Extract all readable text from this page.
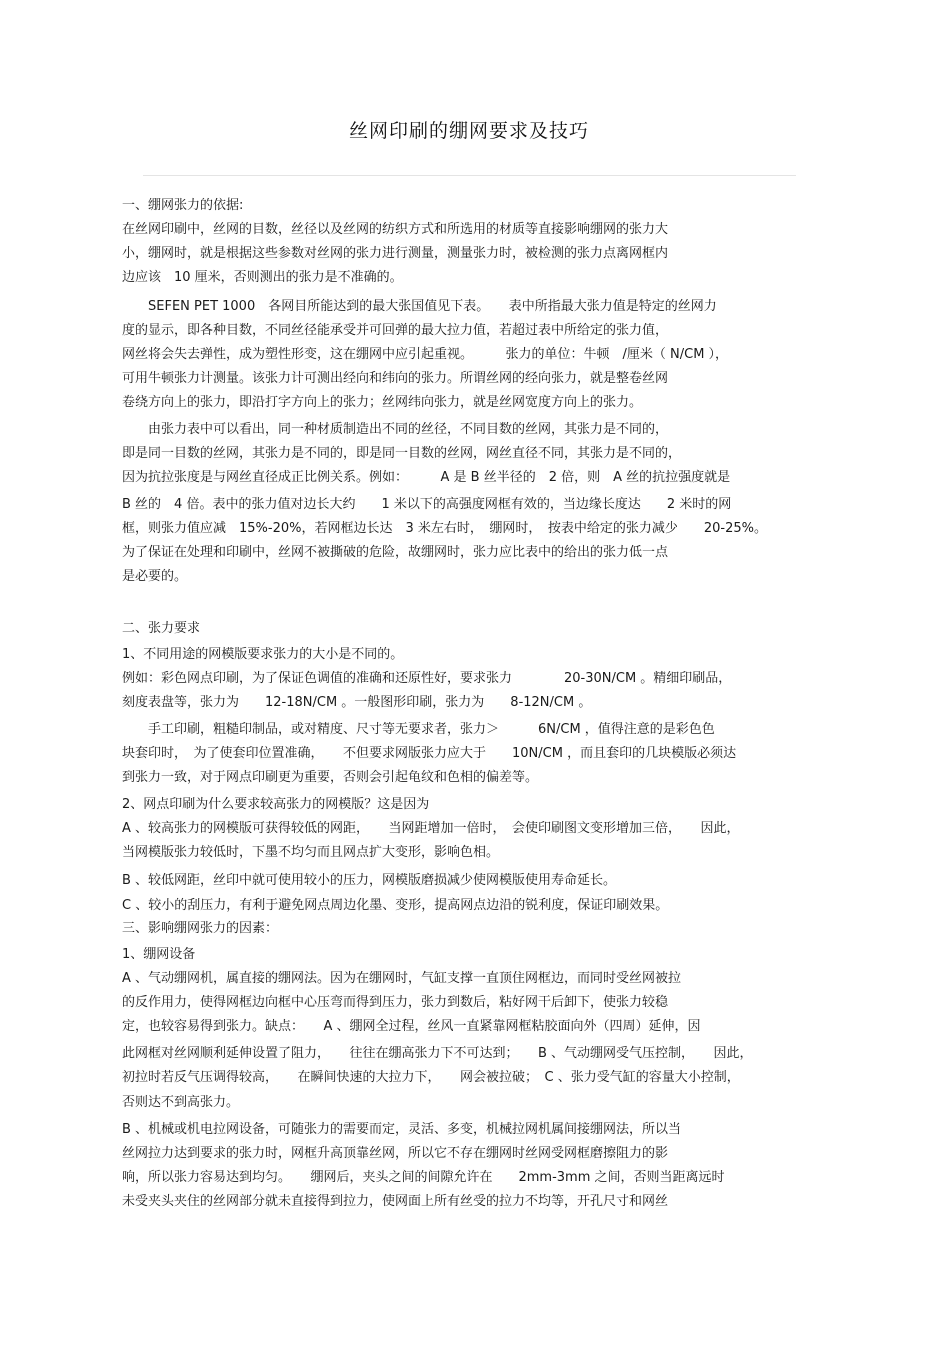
丝网印刷的绷网要求及技巧
一、绷网张力的依据:
在丝网印刷中，丝网的目数，丝径以及丝网的纺织方式和所选用的材质等直接影响绷网的张力大
小，绷网时，就是根据这些参数对丝网的张力进行测量，测量张力时，被检测的张力点离网框内
边应该　10 厘米，否则测出的张力是不准确的。
　　SEFEN PET 1000　各网目所能达到的最大张国值见下表。　　表中所指最大张力值是特定的丝网力
度的显示，即各种目数，不同丝径能承受并可回弹的最大拉力值，若超过表中所给定的张力值，
网丝将会失去弹性，成为塑性形变，这在绷网中应引起重视。　　　张力的单位：牛顿　/厘米（ N/CM ），
可用牛顿张力计测量。该张力计可测出经向和纬向的张力。所谓丝网的经向张力，就是整卷丝网
卷绕方向上的张力，即沿打字方向上的张力；丝网纬向张力，就是丝网宽度方向上的张力。
　　由张力表中可以看出，同一种材质制造出不同的丝径，不同目数的丝网，其张力是不同的，
即是同一目数的丝网，其张力是不同的，即是同一目数的丝网，网丝直径不同，其张力是不同的，
因为抗拉张度是与网丝直径成正比例关系。例如：　　　A 是 B 丝半径的　2 倍，则　A 丝的抗拉强度就是
B 丝的　4 倍。表中的张力值对边长大约　　1 米以下的高强度网框有效的，当边缘长度达　　2 米时的网
框，则张力值应减　15%-20%，若网框边长达　3 米左右时，　绷网时，　按表中给定的张力减少　　20-25%。
为了保证在处理和印刷中，丝网不被撕破的危险，故绷网时，张力应比表中的给出的张力低一点
是必要的。
二、张力要求
1、不同用途的网模版要求张力的大小是不同的。
例如：彩色网点印刷，为了保证色调值的准确和还原性好，要求张力　　　　20-30N/CM 。精细印刷品，
刻度表盘等，张力为　　12-18N/CM 。一般图形印刷，张力为　　8-12N/CM 。
　　手工印刷，粗糙印制品，或对精度、尺寸等无要求者，张力＞　　　6N/CM ，值得注意的是彩色色
块套印时，　为了使套印位置准确，　　不但要求网版张力应大于　　10N/CM ，而且套印的几块模版必须达
到张力一致，对于网点印刷更为重要，否则会引起龟纹和色相的偏差等。
2、网点印刷为什么要求较高张力的网模版？这是因为
A 、较高张力的网模版可获得较低的网距，　　当网距增加一倍时，　会使印刷图文变形增加三倍，　　因此，
当网模版张力较低时，下墨不均匀而且网点扩大变形，影响色相。
B 、较低网距，丝印中就可使用较小的压力，网模版磨损减少使网模版使用寿命延长。
C 、较小的刮压力，有利于避免网点周边化墨、变形，提高网点边沿的锐利度，保证印刷效果。
三、影响绷网张力的因素：
1、绷网设备
A 、气动绷网机，属直接的绷网法。因为在绷网时，气缸支撑一直顶住网框边，而同时受丝网被拉
的反作用力，使得网框边向框中心压弯而得到压力，张力到数后，粘好网干后卸下，使张力较稳
定，也较容易得到张力。缺点：　　A 、绷网全过程，丝风一直紧靠网框粘胶面向外（四周）延伸，因
此网框对丝网顺利延伸设置了阻力，　　往往在绷高张力下不可达到；　　B 、气动绷网受气压控制，　　因此，
初拉时若反气压调得较高，　　在瞬间快速的大拉力下，　　网会被拉破；　C 、张力受气缸的容量大小控制，
否则达不到高张力。
B 、机械或机电拉网设备，可随张力的需要而定，灵活、多变，机械拉网机属间接绷网法，所以当
丝网拉力达到要求的张力时，网框升高顶靠丝网，所以它不存在绷网时丝网受网框磨擦阻力的影
响，所以张力容易达到均匀。　　绷网后，夹头之间的间隙允许在　　2mm-3mm 之间，否则当距离远时
未受夹头夹住的丝网部分就未直接得到拉力，使网面上所有丝受的拉力不均等，开孔尺寸和网丝
